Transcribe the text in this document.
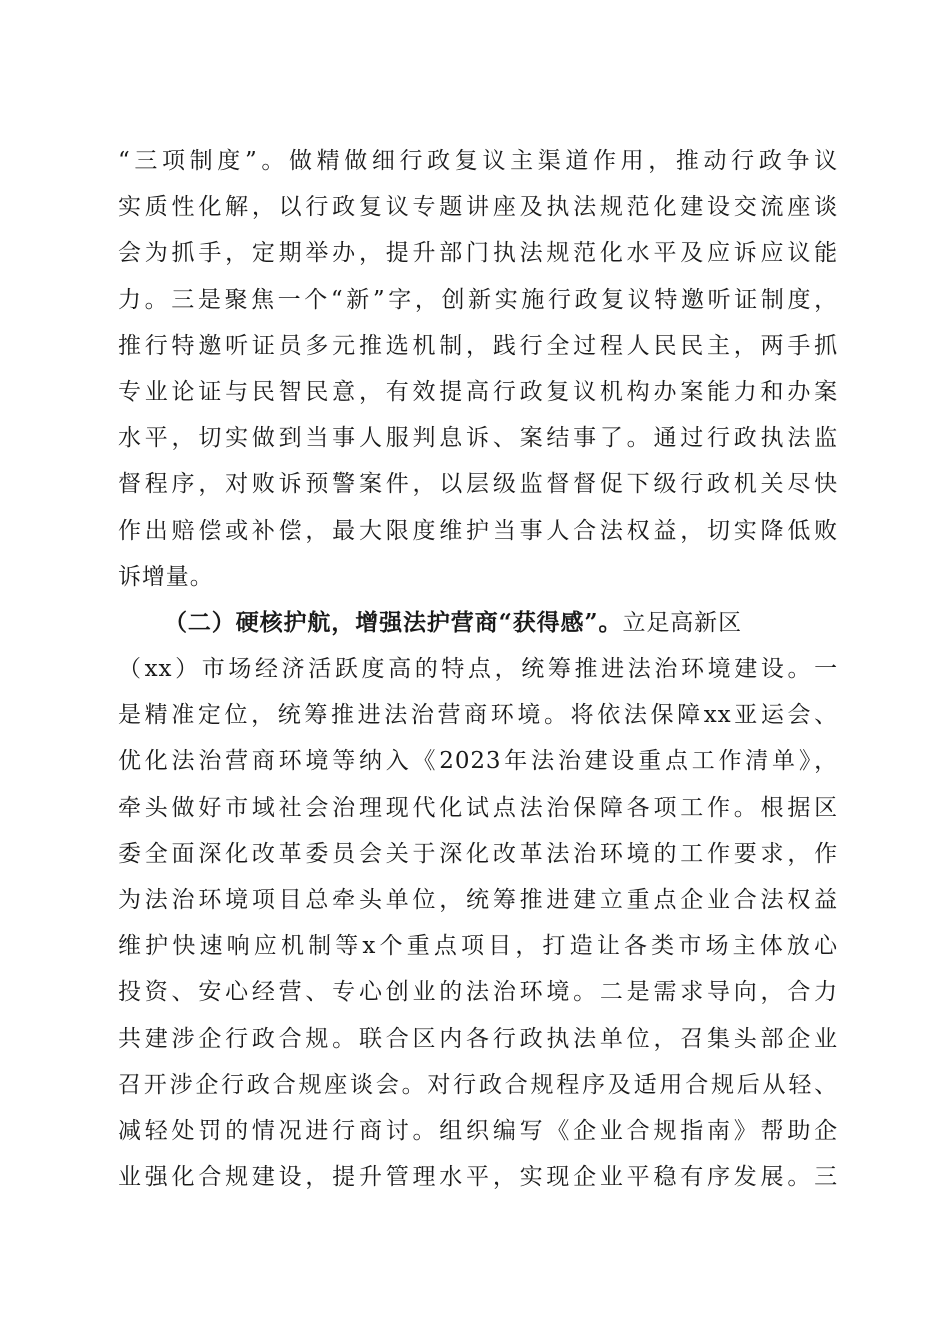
“三项制度”。做精做细行政复议主渠道作用，推动行政争议
实质性化解，以行政复议专题讲座及执法规范化建设交流座谈
会为抓手，定期举办，提升部门执法规范化水平及应诉应议能
力。三是聚焦一个“新”字，创新实施行政复议特邀听证制度，
推行特邀听证员多元推选机制，践行全过程人民民主，两手抓
专业论证与民智民意，有效提高行政复议机构办案能力和办案
水平，切实做到当事人服判息诉、案结事了。通过行政执法监
督程序，对败诉预警案件，以层级监督督促下级行政机关尽快
作出赔偿或补偿，最大限度维护当事人合法权益，切实降低败
诉增量。
（二）硬核护航，增强法护营商“获得感”。立足高新区
（xx）市场经济活跃度高的特点，统筹推进法治环境建设。一
是精准定位，统筹推进法治营商环境。将依法保障xx亚运会、
优化法治营商环境等纳入《2023年法治建设重点工作清单》，
牵头做好市域社会治理现代化试点法治保障各项工作。根据区
委全面深化改革委员会关于深化改革法治环境的工作要求，作
为法治环境项目总牵头单位，统筹推进建立重点企业合法权益
维护快速响应机制等x个重点项目，打造让各类市场主体放心
投资、安心经营、专心创业的法治环境。二是需求导向，合力
共建涉企行政合规。联合区内各行政执法单位，召集头部企业
召开涉企行政合规座谈会。对行政合规程序及适用合规后从轻、
减轻处罚的情况进行商讨。组织编写《企业合规指南》帮助企
业强化合规建设，提升管理水平，实现企业平稳有序发展。三
